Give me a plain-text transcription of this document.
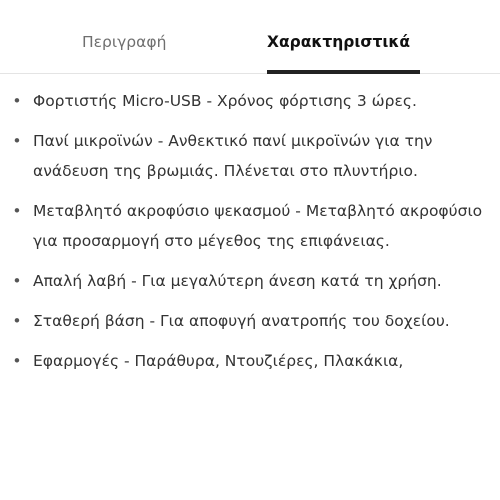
Περιγραφή	Χαρακτηριστικά
• Φορτιστής Micro-USB - Χρόνος φόρτισης 3 ώρες.
• Πανί μικροϊνών - Ανθεκτικό πανί μικροϊνών για την ανάδευση της βρωμιάς. Πλένεται στο πλυντήριο.
• Μεταβλητό ακροφύσιο ψεκασμού - Μεταβλητό ακροφύσιο για προσαρμογή στο μέγεθος της επιφάνειας.
• Απαλή λαβή - Για μεγαλύτερη άνεση κατά τη χρήση.
• Σταθερή βάση - Για αποφυγή ανατροπής του δοχείου.
• Εφαρμογές - Παράθυρα, Ντουζιέρες, Πλακάκια,
